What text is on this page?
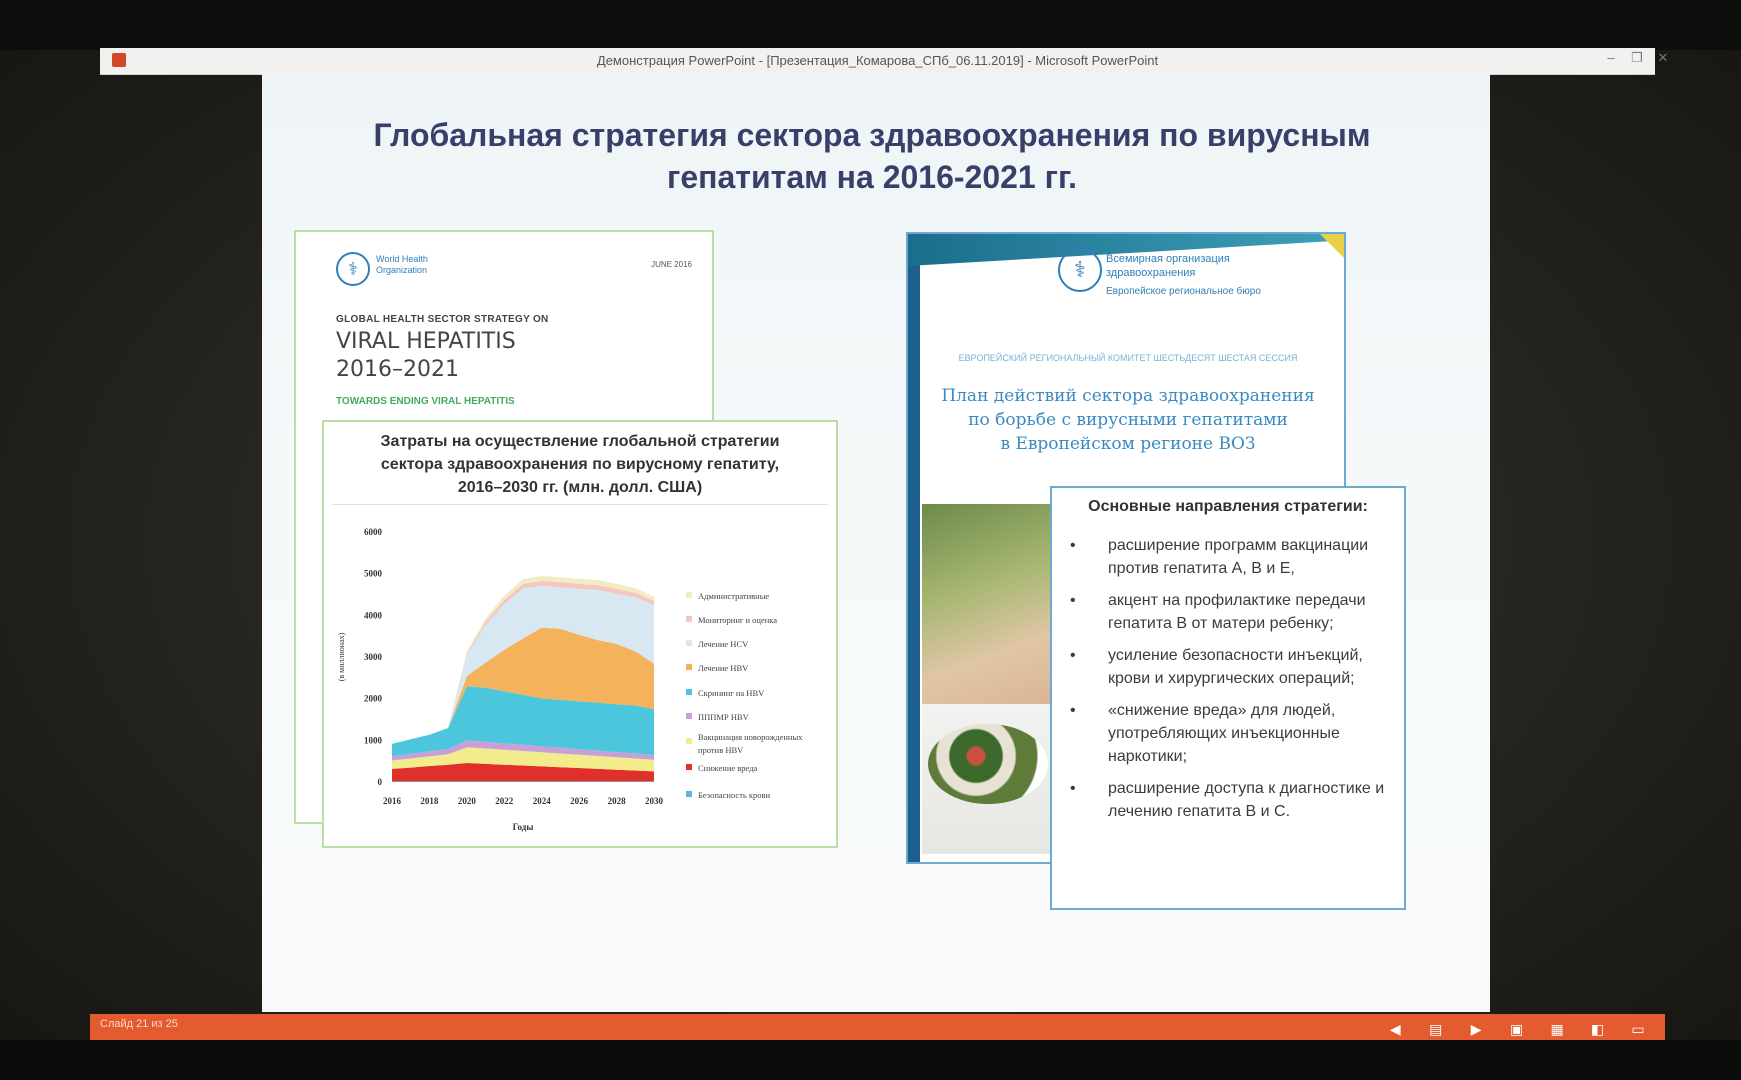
Демонстрация PowerPoint - [Презентация_Комарова_СПб_06.11.2019] - Microsoft PowerPoint	–	❐	✕
Глобальная стратегия сектора здравоохранения по вирусным
гепатитам на 2016-2021 гг.
⚕	World Health Organization
JUNE 2016
GLOBAL HEALTH SECTOR STRATEGY ON
VIRAL HEPATITIS
2016–2021
TOWARDS ENDING VIRAL HEPATITIS
⚕	Всемирная организация
здравоохранения
Европейское региональное бюро
ЕВРОПЕЙСКИЙ РЕГИОНАЛЬНЫЙ КОМИТЕТ ШЕСТЬДЕСЯТ ШЕСТАЯ СЕССИЯ
План действий сектора здравоохранения
по борьбе с вирусными гепатитами
в Европейском регионе ВОЗ
Затраты на осуществление глобальной стратегии
сектора здравоохранения по вирусному гепатиту,
2016–2030 гг. (млн. долл. США)
0
1000
2000
3000
4000
5000
6000
2016 2018 2020 2022 2024 2026 2028 2030
Годы
(в миллионах)
Административные
Мониторинг и оценка
Лечение HCV
Лечение HBV
Скрининг на HBV
ПППМР HBV
Вакцинация новорожденных
против HBV
Снижение вреда
Безопасность крови
Основные направления стратегии:
• расширение программ вакцинации против гепатита А, В и Е,
• акцент на профилактике передачи гепатита В от матери ребенку;
• усиление безопасности инъекций, крови и хирургических операций;
• «снижение вреда» для людей, употребляющих инъекционные наркотики;
• расширение доступа к диагностике и лечению гепатита В и С.
Слайд 21 из 25	◀ ▤ ▶ ▣ ▦ ◧ ▭
